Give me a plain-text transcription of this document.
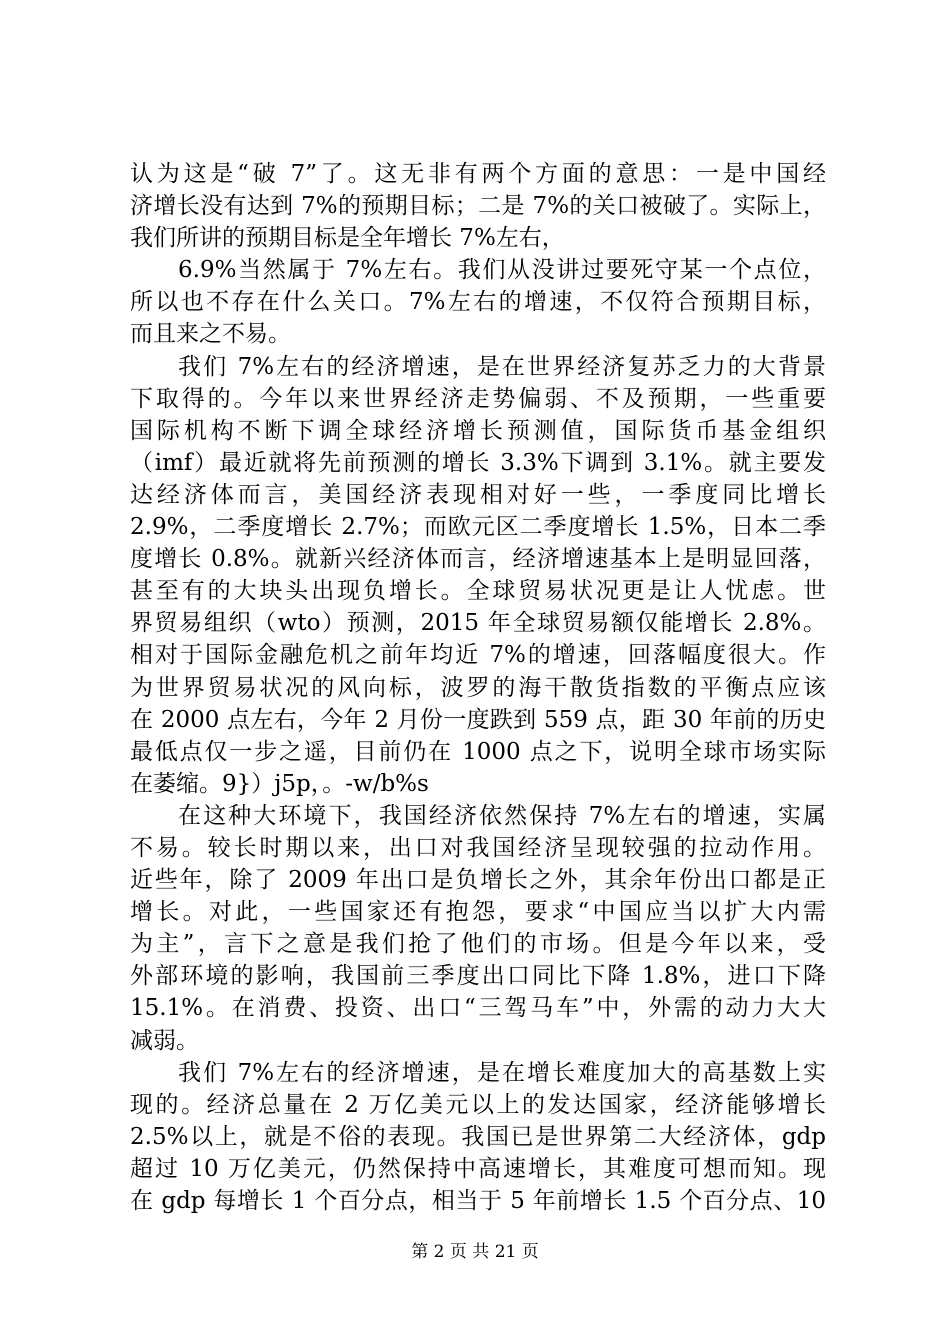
认为这是“破 7”了。这无非有两个方面的意思：一是中国经
济增长没有达到 7%的预期目标；二是 7%的关口被破了。实际上，
我们所讲的预期目标是全年增长 7%左右，
6.9%当然属于 7%左右。我们从没讲过要死守某一个点位，
所以也不存在什么关口。7%左右的增速，不仅符合预期目标，
而且来之不易。
我们 7%左右的经济增速，是在世界经济复苏乏力的大背景
下取得的。今年以来世界经济走势偏弱、不及预期，一些重要
国际机构不断下调全球经济增长预测值，国际货币基金组织
（imf）最近就将先前预测的增长 3.3%下调到 3.1%。就主要发
达经济体而言，美国经济表现相对好一些，一季度同比增长
2.9%，二季度增长 2.7%；而欧元区二季度增长 1.5%，日本二季
度增长 0.8%。就新兴经济体而言，经济增速基本上是明显回落，
甚至有的大块头出现负增长。全球贸易状况更是让人忧虑。世
界贸易组织（wto）预测，2015 年全球贸易额仅能增长 2.8%。
相对于国际金融危机之前年均近 7%的增速，回落幅度很大。作
为世界贸易状况的风向标，波罗的海干散货指数的平衡点应该
在 2000 点左右，今年 2 月份一度跌到 559 点，距 30 年前的历史
最低点仅一步之遥，目前仍在 1000 点之下，说明全球市场实际
在萎缩。9}）j5p，。-w/b%s
在这种大环境下，我国经济依然保持 7%左右的增速，实属
不易。较长时期以来，出口对我国经济呈现较强的拉动作用。
近些年，除了 2009 年出口是负增长之外，其余年份出口都是正
增长。对此，一些国家还有抱怨，要求“中国应当以扩大内需
为主”，言下之意是我们抢了他们的市场。但是今年以来，受
外部环境的影响，我国前三季度出口同比下降 1.8%，进口下降
15.1%。在消费、投资、出口“三驾马车”中，外需的动力大大
减弱。
我们 7%左右的经济增速，是在增长难度加大的高基数上实
现的。经济总量在 2 万亿美元以上的发达国家，经济能够增长
2.5%以上，就是不俗的表现。我国已是世界第二大经济体，gdp
超过 10 万亿美元，仍然保持中高速增长，其难度可想而知。现
在 gdp 每增长 1 个百分点，相当于 5 年前增长 1.5 个百分点、10
第 2 页 共 21 页
